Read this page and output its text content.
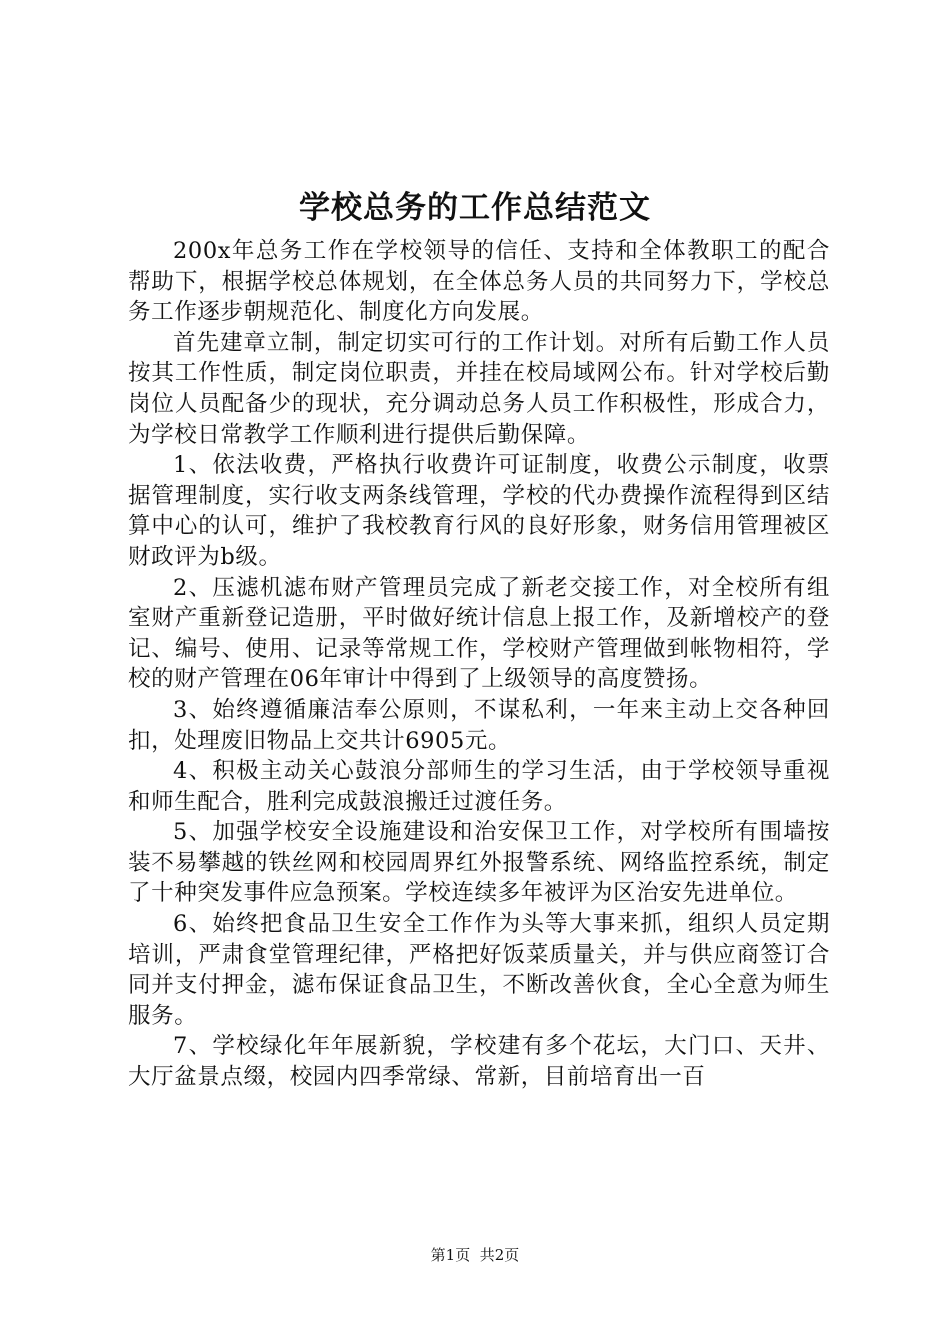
学校总务的工作总结范文

200x年总务工作在学校领导的信任、支持和全体教职工的配合帮助下，根据学校总体规划，在全体总务人员的共同努力下，学校总务工作逐步朝规范化、制度化方向发展。

首先建章立制，制定切实可行的工作计划。对所有后勤工作人员按其工作性质，制定岗位职责，并挂在校局域网公布。针对学校后勤岗位人员配备少的现状，充分调动总务人员工作积极性，形成合力，为学校日常教学工作顺利进行提供后勤保障。

1、依法收费，严格执行收费许可证制度，收费公示制度，收票据管理制度，实行收支两条线管理，学校的代办费操作流程得到区结算中心的认可，维护了我校教育行风的良好形象，财务信用管理被区财政评为b级。

2、压滤机滤布财产管理员完成了新老交接工作，对全校所有组室财产重新登记造册，平时做好统计信息上报工作，及新增校产的登记、编号、使用、记录等常规工作，学校财产管理做到帐物相符，学校的财产管理在06年审计中得到了上级领导的高度赞扬。

3、始终遵循廉洁奉公原则，不谋私利，一年来主动上交各种回扣，处理废旧物品上交共计6905元。

4、积极主动关心鼓浪分部师生的学习生活，由于学校领导重视和师生配合，胜利完成鼓浪搬迁过渡任务。

5、加强学校安全设施建设和治安保卫工作，对学校所有围墙按装不易攀越的铁丝网和校园周界红外报警系统、网络监控系统，制定了十种突发事件应急预案。学校连续多年被评为区治安先进单位。

6、始终把食品卫生安全工作作为头等大事来抓，组织人员定期培训，严肃食堂管理纪律，严格把好饭菜质量关，并与供应商签订合同并支付押金，滤布保证食品卫生，不断改善伙食，全心全意为师生服务。

7、学校绿化年年展新貌，学校建有多个花坛，大门口、天井、大厅盆景点缀，校园内四季常绿、常新，目前培育出一百

第1页 共2页
